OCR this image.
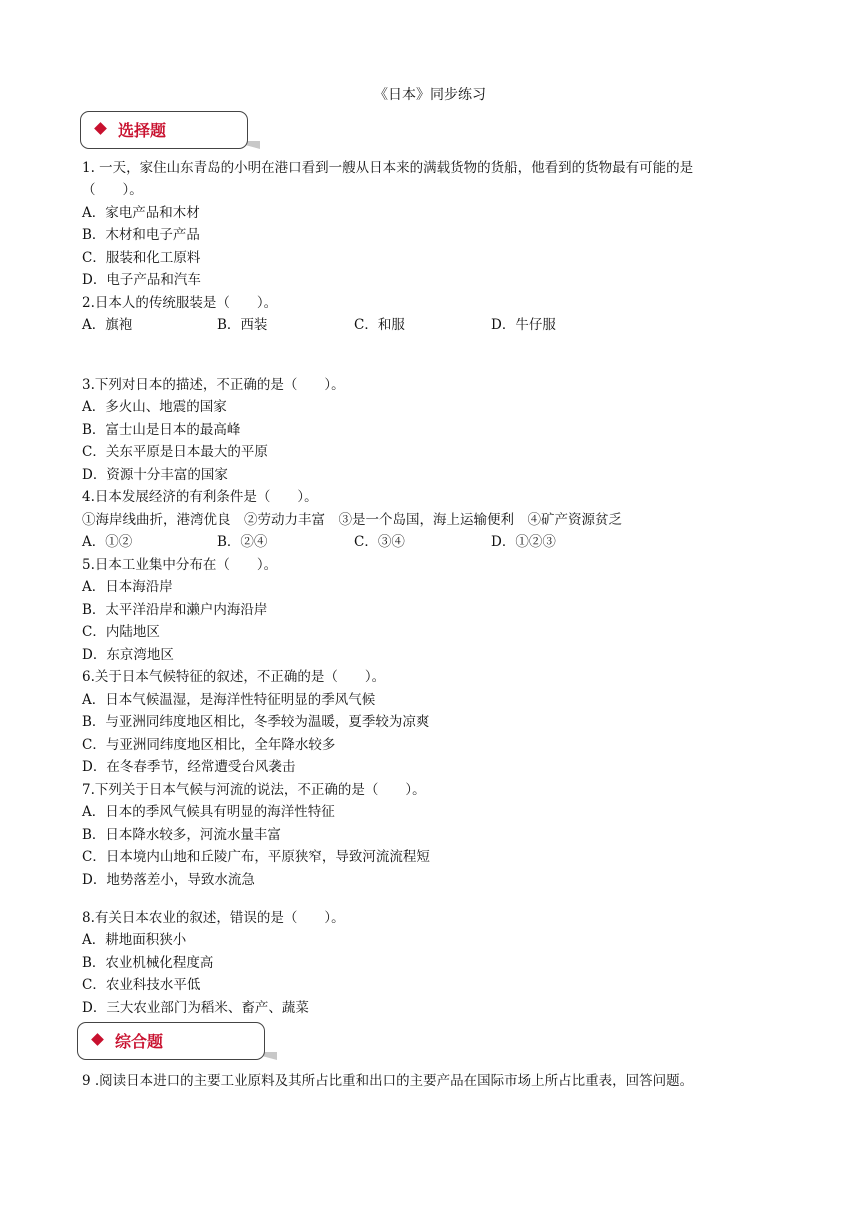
《日本》同步练习
选择题
1. 一天，家住山东青岛的小明在港口看到一艘从日本来的满载货物的货船，他看到的货物最有可能的是
（　　）。
A．家电产品和木材
B．木材和电子产品
C．服装和化工原料
D．电子产品和汽车
2.日本人的传统服装是（　　）。
A．旗袍	B．西装	C．和服	D．牛仔服
3.下列对日本的描述，不正确的是（　　）。
A．多火山、地震的国家
B．富士山是日本的最高峰
C．关东平原是日本最大的平原
D．资源十分丰富的国家
4.日本发展经济的有利条件是（　　）。
①海岸线曲折，港湾优良　②劳动力丰富　③是一个岛国，海上运输便利　④矿产资源贫乏
A．①②	B．②④	C．③④	D．①②③
5.日本工业集中分布在（　　）。
A．日本海沿岸
B．太平洋沿岸和濑户内海沿岸
C．内陆地区
D．东京湾地区
6.关于日本气候特征的叙述，不正确的是（　　）。
A．日本气候温湿，是海洋性特征明显的季风气候
B．与亚洲同纬度地区相比，冬季较为温暖，夏季较为凉爽
C．与亚洲同纬度地区相比，全年降水较多
D．在冬春季节，经常遭受台风袭击
7.下列关于日本气候与河流的说法，不正确的是（　　）。
A．日本的季风气候具有明显的海洋性特征
B．日本降水较多，河流水量丰富
C．日本境内山地和丘陵广布，平原狭窄，导致河流流程短
D．地势落差小，导致水流急
8.有关日本农业的叙述，错误的是（　　）。
A．耕地面积狭小
B．农业机械化程度高
C．农业科技水平低
D．三大农业部门为稻米、畜产、蔬菜
综合题
9 .阅读日本进口的主要工业原料及其所占比重和出口的主要产品在国际市场上所占比重表，回答问题。
